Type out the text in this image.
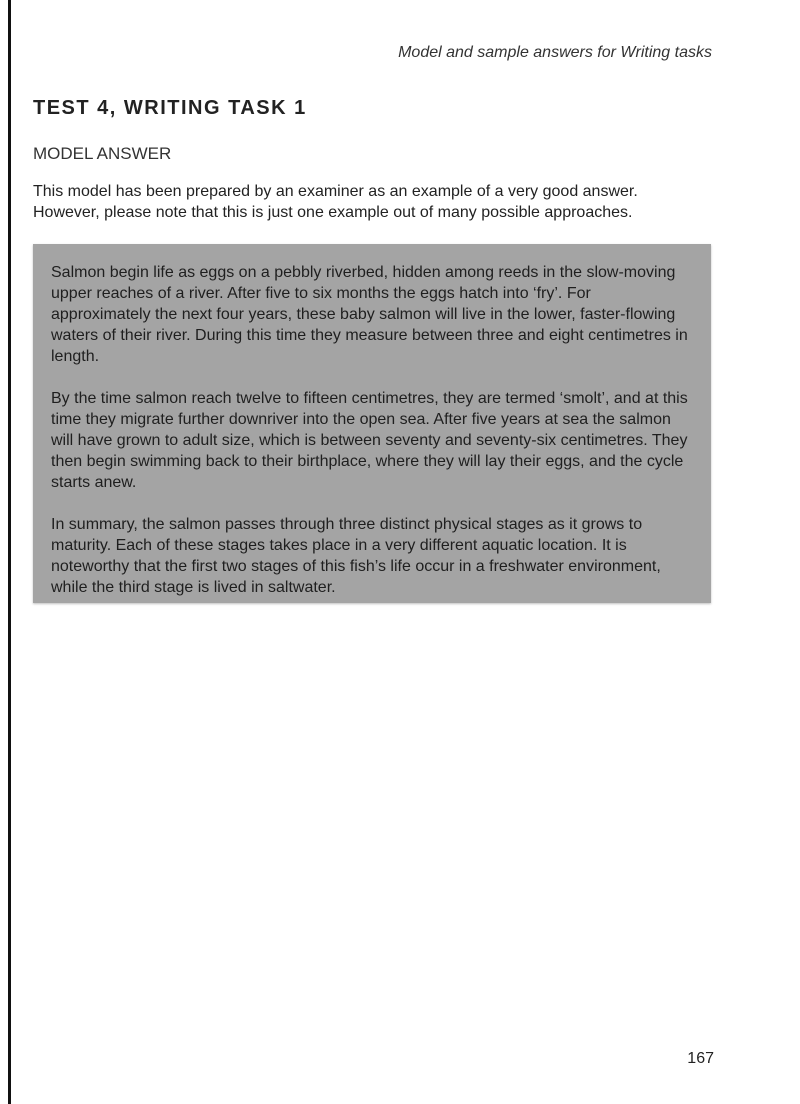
Model and sample answers for Writing tasks
TEST 4, WRITING TASK 1
MODEL ANSWER

This model has been prepared by an examiner as an example of a very good answer.

However, please note that this is just one example out of many possible approaches.

Salmon begin life as eggs on a pebbly riverbed, hidden among reeds in the slow-moving upper reaches of a river. After five to six months the eggs hatch into ‘fry’. For approximately the next four years, these baby salmon will live in the lower, faster-flowing waters of their river. During this time they measure between three and eight centimetres in length.

By the time salmon reach twelve to fifteen centimetres, they are termed ‘smolt’, and at this time they migrate further downriver into the open sea. After five years at sea the salmon will have grown to adult size, which is between seventy and seventy-six centimetres. They then begin swimming back to their birthplace, where they will lay their eggs, and the cycle starts anew.

In summary, the salmon passes through three distinct physical stages as it grows to maturity. Each of these stages takes place in a very different aquatic location. It is noteworthy that the first two stages of this fish’s life occur in a freshwater environment, while the third stage is lived in saltwater.

167
